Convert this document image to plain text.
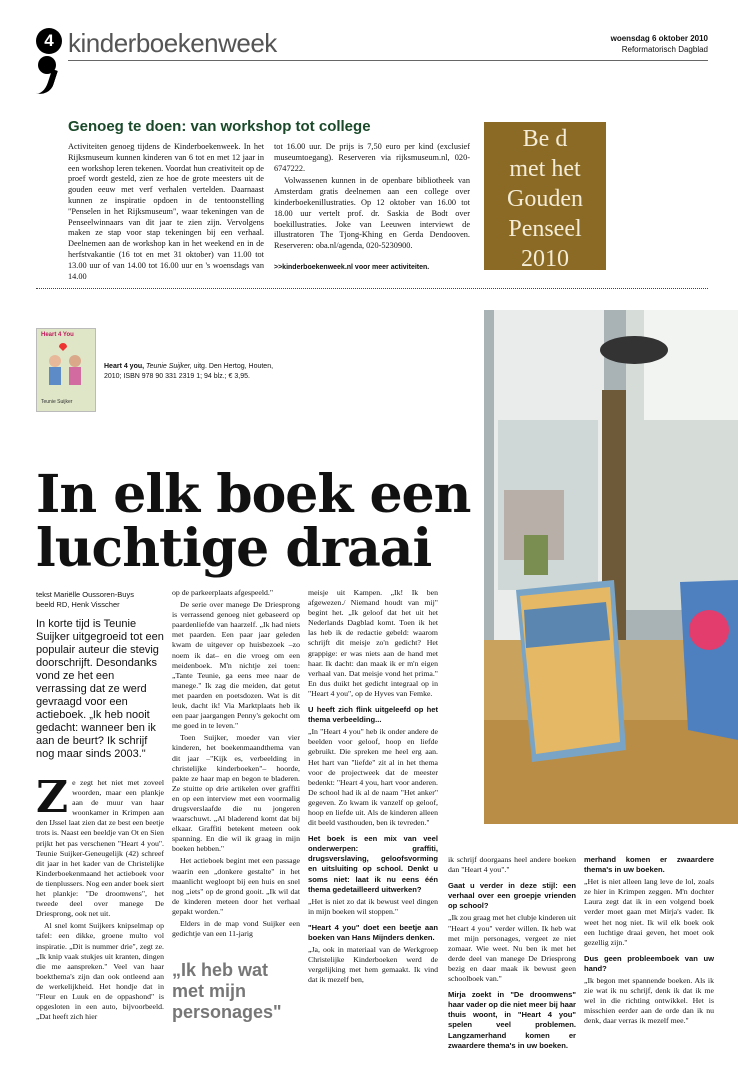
4 kinderboekenweek	woensdag 6 oktober 2010
Reformatorisch Dagblad
Genoeg te doen: van workshop tot college
Activiteiten genoeg tijdens de Kinderboekenweek. In het Rijksmuseum kunnen kinderen van 6 tot en met 12 jaar in een workshop leren tekenen. Voordat hun creativiteit op de proef wordt gesteld, zien ze hoe de grote meesters uit de gouden eeuw met verf verhalen vertelden. Daarnaast kunnen ze inspiratie opdoen in de tentoonstelling "Penselen in het Rijksmuseum", waar tekeningen van de Penseelwinnaars van dit jaar te zien zijn. Vervolgens maken ze stap voor stap tekeningen bij een verhaal. Deelnemen aan de workshop kan in het weekend en in de herfstvakantie (16 tot en met 31 oktober) van 11.00 tot 13.00 uur of van 14.00 tot 16.00 uur en 's woensdags van 14.00

tot 16.00 uur. De prijs is 7,50 euro per kind (exclusief museumtoegang). Reserveren via rijksmuseum.nl, 020-6747222.

Volwassenen kunnen in de openbare bibliotheek van Amsterdam gratis deelnemen aan een college over kinderboekenillustraties. Op 12 oktober van 16.00 tot 18.00 uur vertelt prof. dr. Saskia de Bodt over boekillustraties. Joke van Leeuwen interviewt de illustratoren The Tjong-Khing en Gerda Dendooven. Reserveren: oba.nl/agenda, 020-5230900.

>>kinderboekenweek.nl voor meer activiteiten.
Be d
met het
Gouden
Penseel
2010
Heart 4 You
Teunie Suijker
Heart 4 you, Teunie Suijker, uitg. Den Hertog, Houten, 2010; ISBN 978 90 331 2319 1; 94 blz.; € 3,95.
In elk boek een
luchtige draai
tekst Mariëlle Oussoren-Buys
beeld RD, Henk Visscher
In korte tijd is Teunie Suijker uitgegroeid tot een populair auteur die stevig doorschrijft. Desondanks vond ze het een verrassing dat ze werd gevraagd voor een actieboek. „Ik heb nooit gedacht: wanneer ben ik aan de beurt? Ik schrijf nog maar sinds 2003."

Ze zegt het niet met zoveel woorden, maar een plankje aan de muur van haar woonkamer in Krimpen aan den IJssel laat zien dat ze best een beetje trots is. Naast een beeldje van Ot en Sien prijkt het pas verschenen "Heart 4 you". Teunie Suijker-Geneugelijk (42) schreef dit jaar in het kader van de Christelijke Kinderboekenmaand het actieboek voor de tienplussers. Nog een ander boek siert het plankje: "De droomwens", het tweede deel over manege De Driesprong, ook net uit.

Al snel komt Suijkers knipselmap op tafel: een dikke, groene multo vol inspiratie. „Dit is nummer drie", zegt ze. „Ik knip vaak stukjes uit kranten, dingen die me aanspreken." Veel van haar boekthema's zijn dan ook ontleend aan de werkelijkheid. Het hondje dat in "Fleur en Luuk en de oppashond" is opgesloten in een auto, bijvoorbeeld. „Dat heeft zich hier

op de parkeerplaats afgespeeld."

De serie over manege De Driesprong is verrassend genoeg niet gebaseerd op paardenliefde van haarzelf. „Ik had niets met paarden. Een paar jaar geleden kwam de uitgever op huisbezoek –zo noem ik dat– en die vroeg om een meidenboek. M'n nichtje zei toen: „Tante Teunie, ga eens mee naar de manege." Ik zag die meiden, dat getut met paarden en poetsdozen. Wat is dit leuk, dacht ik! Via Marktplaats heb ik een paar jaargangen Penny's gekocht om me goed in te leven."

Toen Suijker, moeder van vier kinderen, het boekenmaandthema van dit jaar –"Kijk es, verbeelding in christelijke kinderboeken"– hoorde, pakte ze haar map en begon te bladeren. Ze stuitte op drie artikelen over graffiti en op een interview met een voormalig drugsverslaafde die nu jongeren waarschuwt. „Al bladerend komt dat bij elkaar. Graffiti betekent meteen ook spanning. En die wil ik graag in mijn boeken hebben."

Het actieboek begint met een passage waarin een „donkere gestalte" in het maanlicht wegloopt bij een huis en snel nog „iets" op de grond gooit. „Ik wil dat de kinderen meteen door het verhaal gepakt worden."

Elders in de map vond Suijker een gedichtje van een 11-jarig

„Ik heb wat met mijn personages"

meisje uit Kampen. „Ik! Ik ben afgewezen./ Niemand houdt van mij" begint het. „Ik geloof dat het uit het Nederlands Dagblad komt. Toen ik het las heb ik de redactie gebeld: waarom schrijft dit meisje zo'n gedicht? Het grappige: er was niets aan de hand met haar. Ik dacht: dan maak ik er m'n eigen verhaal van. Dat meisje vond het prima." En dus duikt het gedicht integraal op in "Heart 4 you", op de Hyves van Femke.

U heeft zich flink uitgeleefd op het thema verbeelding...

„In "Heart 4 you" heb ik onder andere de beelden voor geloof, hoop en liefde gebruikt. Die spreken me heel erg aan. Het hart van "liefde" zit al in het thema voor de projectweek dat de meester bedenkt: "Heart 4 you, hart voor anderen. De school had ik al de naam "Het anker" gegeven. Zo kwam ik vanzelf op geloof, hoop en liefde uit. Als de kinderen alleen dit beeld vasthouden, ben ik tevreden."

Het boek is een mix van veel onderwerpen: graffiti, drugsverslaving, geloofsvorming en uitsluiting op school. Denkt u soms niet: laat ik nu eens één thema gedetailleerd uitwerken?

„Het is niet zo dat ik bewust veel dingen in mijn boeken wil stoppen."

"Heart 4 you" doet een beetje aan boeken van Hans Mijnders denken.

„Ja, ook in materiaal van de Werkgroep Christelijke Kinderboeken werd de vergelijking met hem gemaakt. Ik vind dat ik mezelf ben,

ik schrijf doorgaans heel andere boeken dan "Heart 4 you"."

Gaat u verder in deze stijl: een verhaal over een groepje vrienden op school?

„Ik zou graag met het clubje kinderen uit "Heart 4 you" verder willen. Ik heb wat met mijn personages, vergeet ze niet zomaar. Wie weet. Nu ben ik met het derde deel van manege De Driesprong bezig en daar maak ik bewust geen schoolboek van."

Mirja zoekt in "De droomwens" haar vader op die niet meer bij haar thuis woont, in "Heart 4 you" spelen veel problemen. Langzamerhand komen er zwaardere thema's in uw boeken.

merhand komen er zwaardere thema's in uw boeken.

„Het is niet alleen lang leve de lol, zoals ze hier in Krimpen zeggen. M'n dochter Laura zegt dat ik in een volgend boek verder moet gaan met Mirja's vader. Ik weet het nog niet. Ik wil elk boek ook een luchtige draai geven, het moet ook gezellig zijn."

Dus geen probleemboek van uw hand?

„Ik begon met spannende boeken. Als ik zie wat ik nu schrijf, denk ik dat ik me wel in die richting ontwikkel. Het is misschien eerder aan de orde dan ik nu denk, daar verras ik mezelf mee."
